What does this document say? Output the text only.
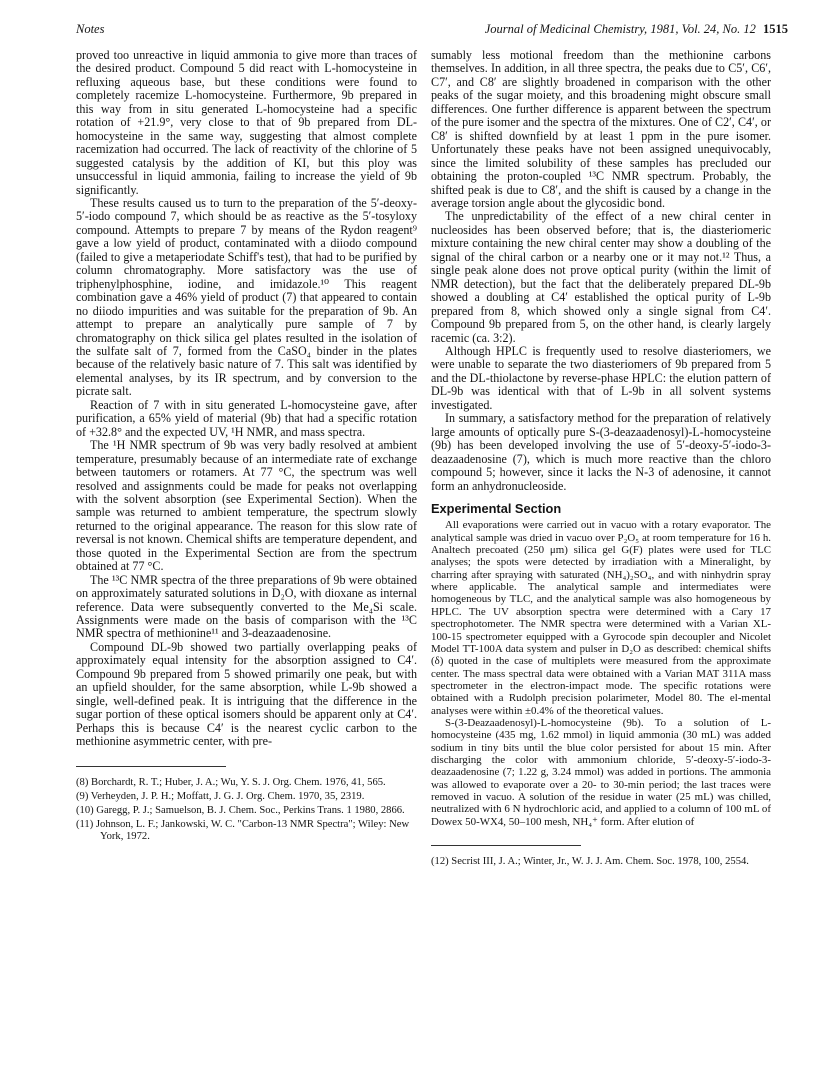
Notes	Journal of Medicinal Chemistry, 1981, Vol. 24, No. 12 1515

proved too unreactive in liquid ammonia to give more than traces of the desired product. Compound 5 did react with L-homocysteine in refluxing aqueous base, but these conditions were found to completely racemize L-homocysteine. Furthermore, 9b prepared in this way from in situ generated L-homocysteine had a specific rotation of +21.9°, very close to that of 9b prepared from DL-homocysteine in the same way, suggesting that almost complete racemization had occurred. The lack of reactivity of the chlorine of 5 suggested catalysis by the addition of KI, but this ploy was unsuccessful in liquid ammonia, failing to increase the yield of 9b significantly.

These results caused us to turn to the preparation of the 5′-deoxy-5′-iodo compound 7, which should be as reactive as the 5′-tosyloxy compound. Attempts to prepare 7 by means of the Rydon reagent⁹ gave a low yield of product, contaminated with a diiodo compound (failed to give a metaperiodate Schiff's test), that had to be purified by column chromatography. More satisfactory was the use of triphenylphosphine, iodine, and imidazole.¹⁰ This reagent combination gave a 46% yield of product (7) that appeared to contain no diiodo impurities and was suitable for the preparation of 9b. An attempt to prepare an analytically pure sample of 7 by chromatography on thick silica gel plates resulted in the isolation of the sulfate salt of 7, formed from the CaSO₄ binder in the plates because of the relatively basic nature of 7. This salt was identified by elemental analyses, by its IR spectrum, and by conversion to the picrate salt.

Reaction of 7 with in situ generated L-homocysteine gave, after purification, a 65% yield of material (9b) that had a specific rotation of +32.8° and the expected UV, ¹H NMR, and mass spectra.

The ¹H NMR spectrum of 9b was very badly resolved at ambient temperature, presumably because of an intermediate rate of exchange between tautomers or rotamers. At 77 °C, the spectrum was well resolved and assignments could be made for peaks not overlapping with the solvent absorption (see Experimental Section). When the sample was returned to ambient temperature, the spectrum slowly returned to the original appearance. The reason for this slow rate of reversal is not known. Chemical shifts are temperature dependent, and those quoted in the Experimental Section are from the spectrum obtained at 77 °C.

The ¹³C NMR spectra of the three preparations of 9b were obtained on approximately saturated solutions in D₂O, with dioxane as internal reference. Data were subsequently converted to the Me₄Si scale. Assignments were made on the basis of comparison with the ¹³C NMR spectra of methionine¹¹ and 3-deazaadenosine.

Compound DL-9b showed two partially overlapping peaks of approximately equal intensity for the absorption assigned to C4′. Compound 9b prepared from 5 showed primarily one peak, but with an upfield shoulder, for the same absorption, while L-9b showed a single, well-defined peak. It is intriguing that the difference in the sugar portion of these optical isomers should be apparent only at C4′. Perhaps this is because C4′ is the nearest cyclic carbon to the methionine asymmetric center, with pre-

(8) Borchardt, R. T.; Huber, J. A.; Wu, Y. S. J. Org. Chem. 1976, 41, 565.

(9) Verheyden, J. P. H.; Moffatt, J. G. J. Org. Chem. 1970, 35, 2319.

(10) Garegg, P. J.; Samuelson, B. J. Chem. Soc., Perkins Trans. 1 1980, 2866.

(11) Johnson, L. F.; Jankowski, W. C. "Carbon-13 NMR Spectra"; Wiley: New York, 1972.

sumably less motional freedom than the methionine carbons themselves. In addition, in all three spectra, the peaks due to C5′, C6′, C7′, and C8′ are slightly broadened in comparison with the other peaks of the sugar moiety, and this broadening might obscure small differences. One further difference is apparent between the spectrum of the pure isomer and the spectra of the mixtures. One of C2′, C4′, or C8′ is shifted downfield by at least 1 ppm in the pure isomer. Unfortunately these peaks have not been assigned unequivocably, since the limited solubility of these samples has precluded our obtaining the proton-coupled ¹³C NMR spectrum. Probably, the shifted peak is due to C8′, and the shift is caused by a change in the average torsion angle about the glycosidic bond.

The unpredictability of the effect of a new chiral center in nucleosides has been observed before; that is, the diasteriomeric mixture containing the new chiral center may show a doubling of the signal of the chiral carbon or a nearby one or it may not.¹² Thus, a single peak alone does not prove optical purity (within the limit of NMR detection), but the fact that the deliberately prepared DL-9b showed a doubling at C4′ established the optical purity of L-9b prepared from 8, which showed only a single signal from C4′. Compound 9b prepared from 5, on the other hand, is clearly largely racemic (ca. 3:2).

Although HPLC is frequently used to resolve diasteriomers, we were unable to separate the two diasteriomers of 9b prepared from 5 and the DL-thiolactone by reverse-phase HPLC: the elution pattern of DL-9b was identical with that of L-9b in all solvent systems investigated.

In summary, a satisfactory method for the preparation of relatively large amounts of optically pure S-(3-deazaadenosyl)-L-homocysteine (9b) has been developed involving the use of 5′-deoxy-5′-iodo-3-deazaadenosine (7), which is much more reactive than the chloro compound 5; however, since it lacks the N-3 of adenosine, it cannot form an anhydronucleoside.

Experimental Section

All evaporations were carried out in vacuo with a rotary evaporator. The analytical sample was dried in vacuo over P₂O₅ at room temperature for 16 h. Analtech precoated (250 μm) silica gel G(F) plates were used for TLC analyses; the spots were detected by irradiation with a Mineralight, by charring after spraying with saturated (NH₄)₂SO₄, and with ninhydrin spray where applicable. The analytical sample and intermediates were homogeneous by TLC, and the analytical sample was also homogeneous by HPLC. The UV absorption spectra were determined with a Cary 17 spectrophotometer. The NMR spectra were determined with a Varian XL-100-15 spectrometer equipped with a Gyrocode spin decoupler and Nicolet Model TT-100A data system and pulser in D₂O as described: chemical shifts (δ) quoted in the case of multiplets were measured from the approximate center. The mass spectral data were obtained with a Varian MAT 311A mass spectrometer in the electron-impact mode. The specific rotations were obtained with a Rudolph precision polarimeter, Model 80. The el-mental analyses were within ±0.4% of the theoretical values.

S-(3-Deazaadenosyl)-L-homocysteine (9b). To a solution of L-homocysteine (435 mg, 1.62 mmol) in liquid ammonia (30 mL) was added sodium in tiny bits until the blue color persisted for about 15 min. After discharging the color with ammonium chloride, 5′-deoxy-5′-iodo-3-deazaadenosine (7; 1.22 g, 3.24 mmol) was added in portions. The ammonia was allowed to evaporate over a 20- to 30-min period; the last traces were removed in vacuo. A solution of the residue in water (25 mL) was chilled, neutralized with 6 N hydrochloric acid, and applied to a column of 100 mL of Dowex 50-WX4, 50–100 mesh, NH₄⁺ form. After elution of

(12) Secrist III, J. A.; Winter, Jr., W. J. J. Am. Chem. Soc. 1978, 100, 2554.
